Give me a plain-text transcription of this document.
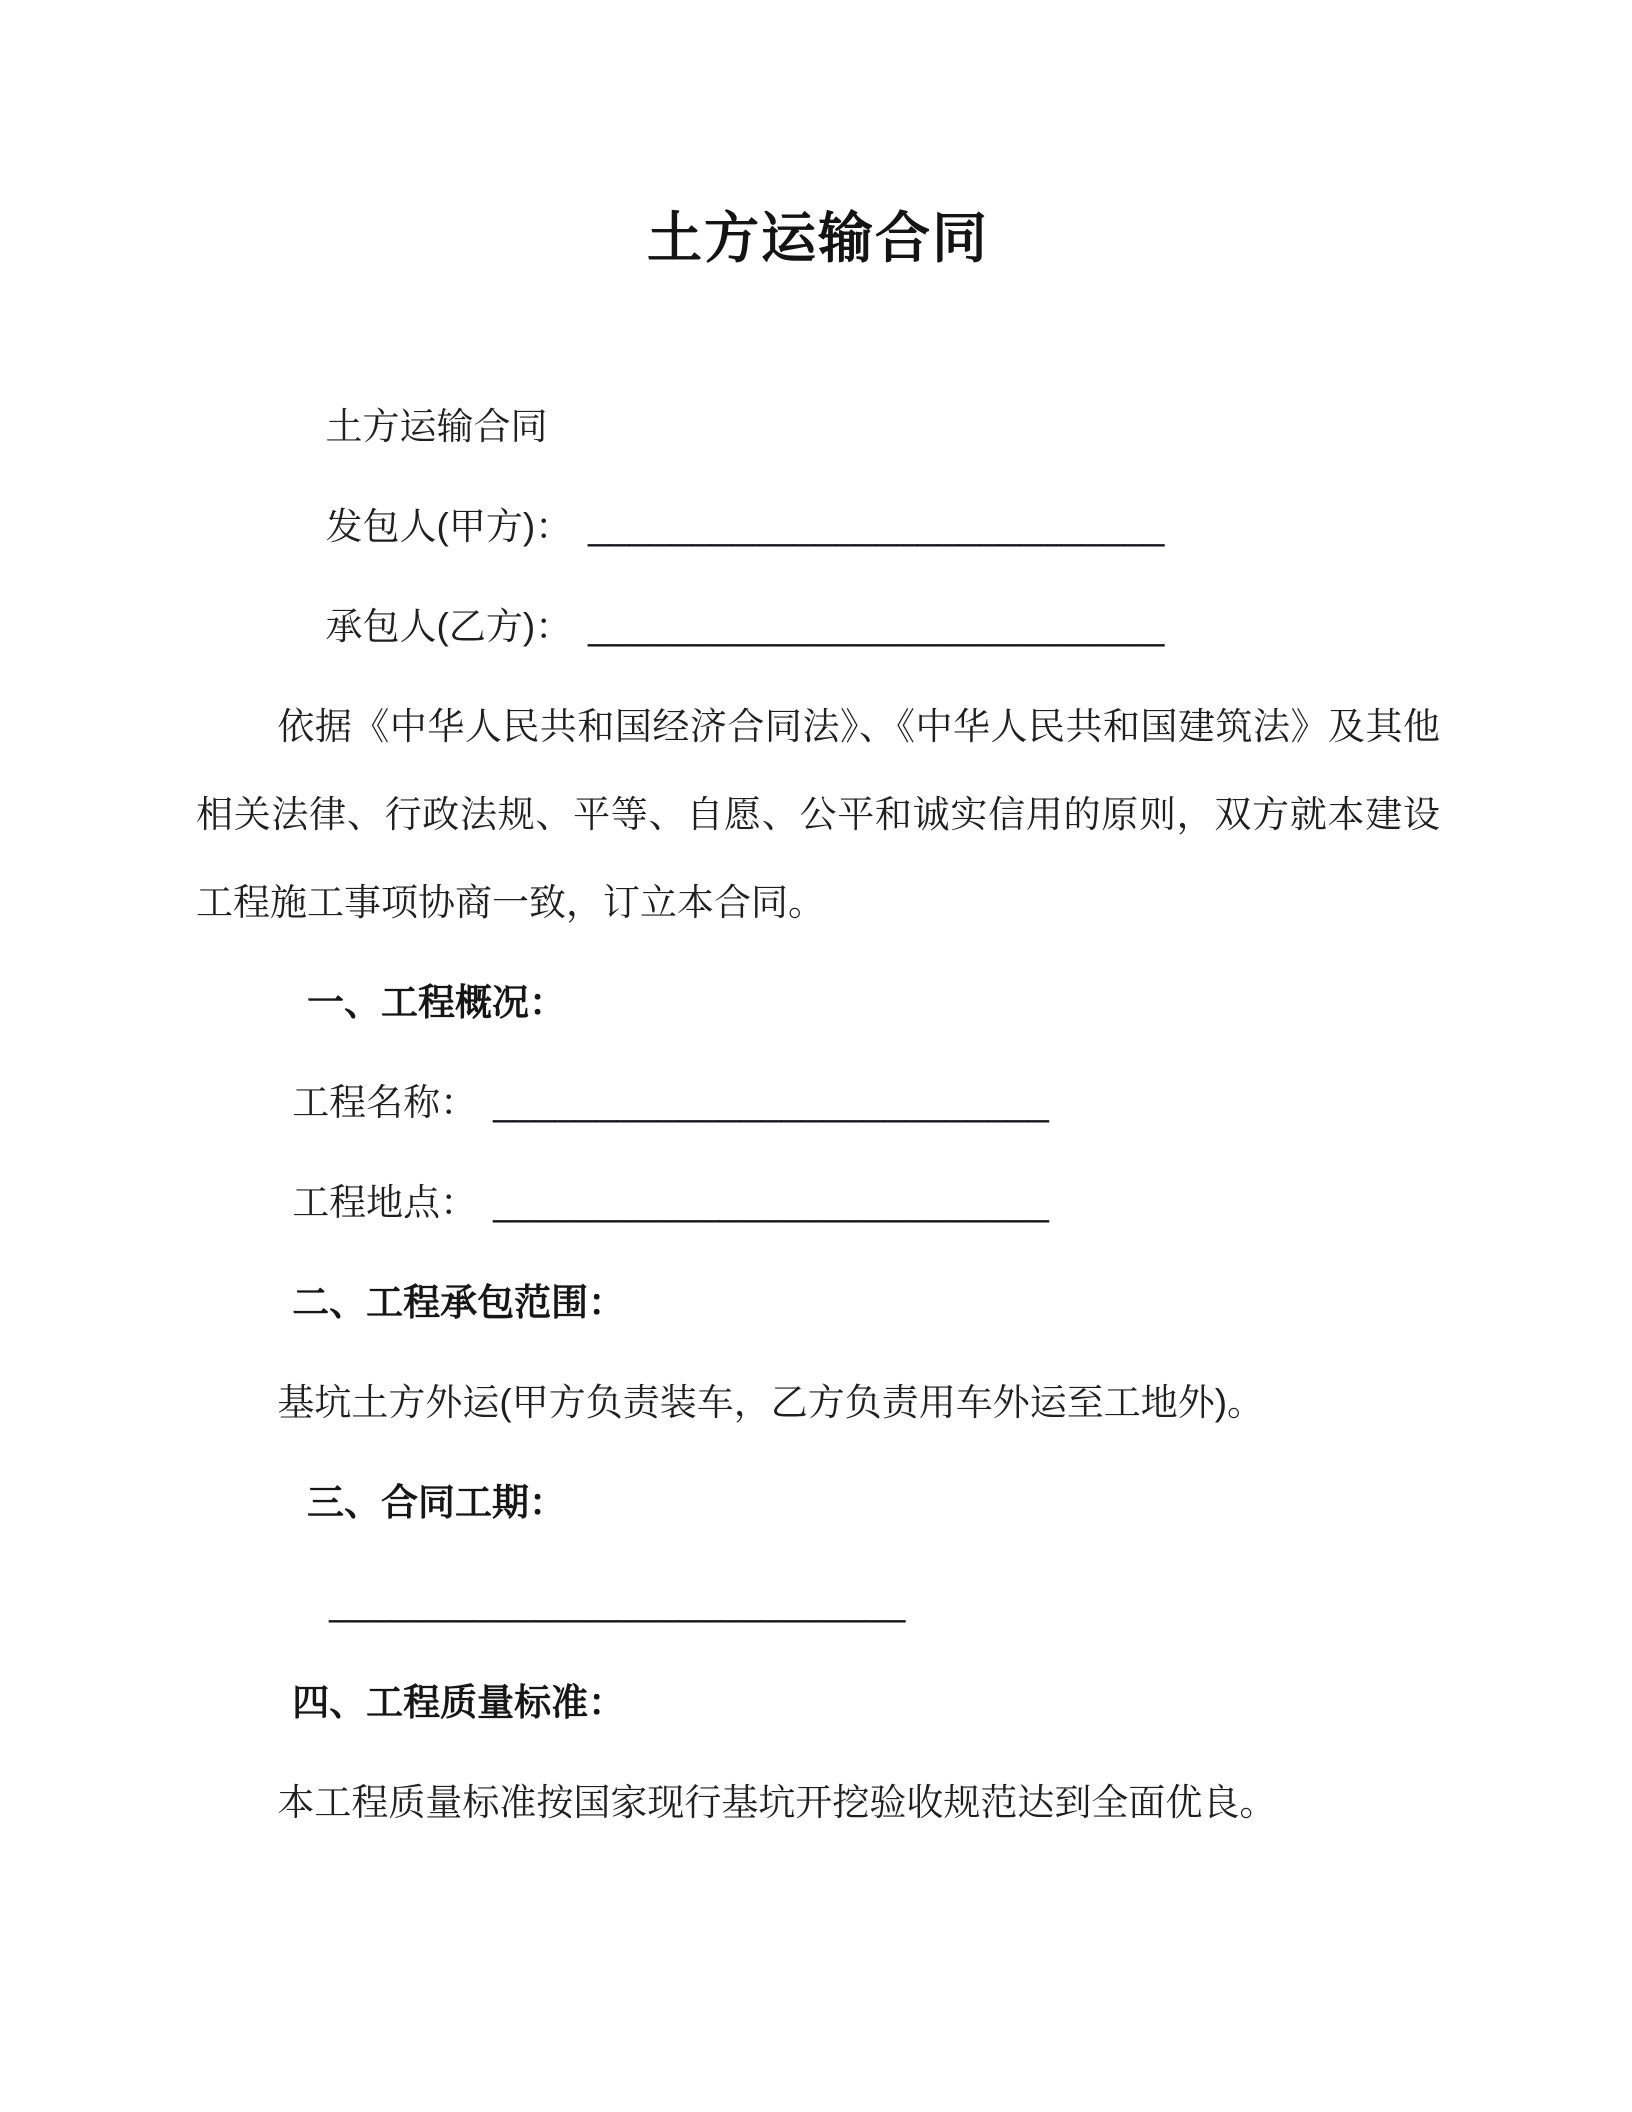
土方运输合同

土方运输合同

发包人(甲方)： ____________________________

承包人(乙方)： ____________________________

依据《中华人民共和国经济合同法》、《中华人民共和国建筑法》及其他相关法律、行政法规、平等、自愿、公平和诚实信用的原则，双方就本建设工程施工事项协商一致，订立本合同。

一、工程概况：

工程名称： ___________________________

工程地点： ___________________________

二、工程承包范围：

基坑土方外运(甲方负责装车，乙方负责用车外运至工地外)。

三、合同工期：

____________________________

四、工程质量标准：

本工程质量标准按国家现行基坑开挖验收规范达到全面优良。
